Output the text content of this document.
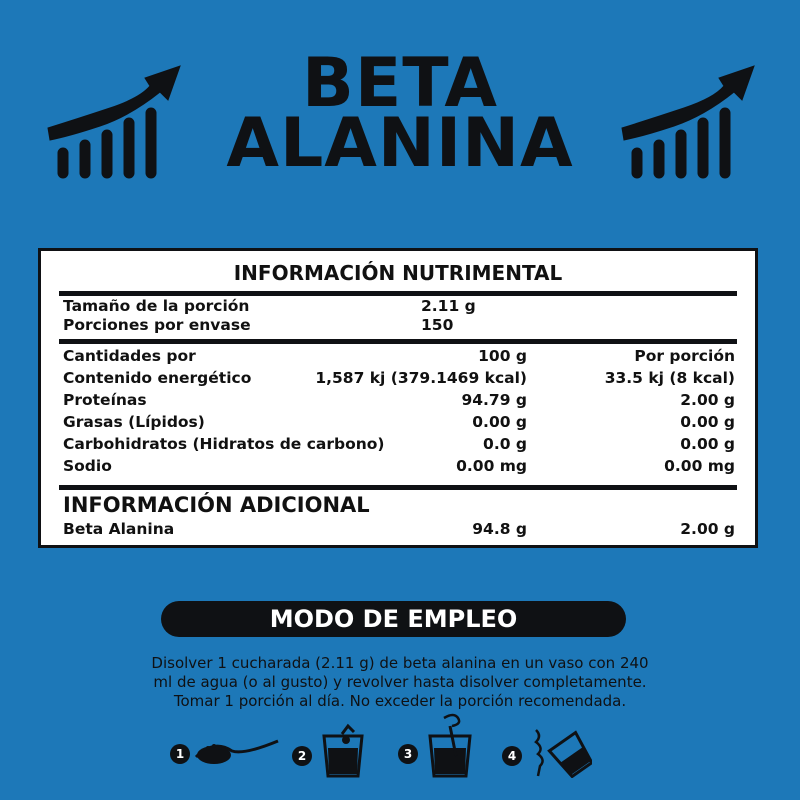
BETA
ALANINA
INFORMACIÓN NUTRIMENTAL
Tamaño de la porción	2.11 g
Porciones por envase	150
Cantidades por	100 g	Por porción
Contenido energético	1,587 kj (379.1469 kcal)	33.5 kj (8 kcal)
Proteínas	94.79 g	2.00 g
Grasas (Lípidos)	0.00 g	0.00 g
Carbohidratos (Hidratos de carbono)	0.0 g	0.00 g
Sodio	0.00 mg	0.00 mg
INFORMACIÓN ADICIONAL
Beta Alanina	94.8 g	2.00 g
MODO DE EMPLEO
Disolver 1 cucharada (2.11 g) de beta alanina en un vaso con 240
ml de agua (o al gusto) y revolver hasta disolver completamente.
Tomar 1 porción al día. No exceder la porción recomendada.
1	2	3	4
